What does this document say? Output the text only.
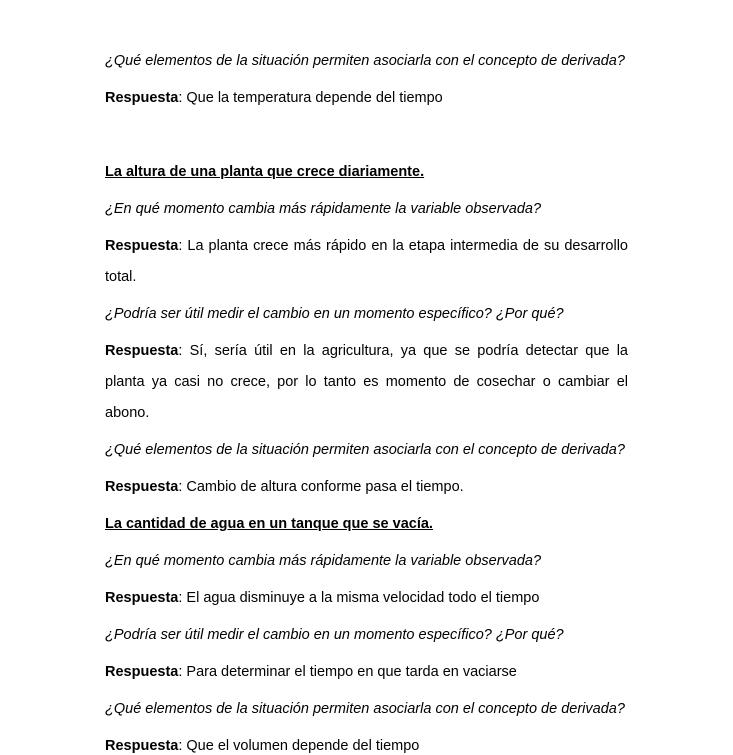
¿Qué elementos de la situación permiten asociarla con el concepto de derivada?

Respuesta: Que la temperatura depende del tiempo

La altura de una planta que crece diariamente.

¿En qué momento cambia más rápidamente la variable observada?

Respuesta: La planta crece más rápido en la etapa intermedia de su desarrollo total.

¿Podría ser útil medir el cambio en un momento específico? ¿Por qué?

Respuesta: Sí, sería útil en la agricultura, ya que se podría detectar que la planta ya casi no crece, por lo tanto es momento de cosechar o cambiar el abono.

¿Qué elementos de la situación permiten asociarla con el concepto de derivada?

Respuesta: Cambio de altura conforme pasa el tiempo.

La cantidad de agua en un tanque que se vacía.

¿En qué momento cambia más rápidamente la variable observada?

Respuesta: El agua disminuye a la misma velocidad todo el tiempo

¿Podría ser útil medir el cambio en un momento específico? ¿Por qué?

Respuesta: Para determinar el tiempo en que tarda en vaciarse

¿Qué elementos de la situación permiten asociarla con el concepto de derivada?

Respuesta: Que el volumen depende del tiempo
